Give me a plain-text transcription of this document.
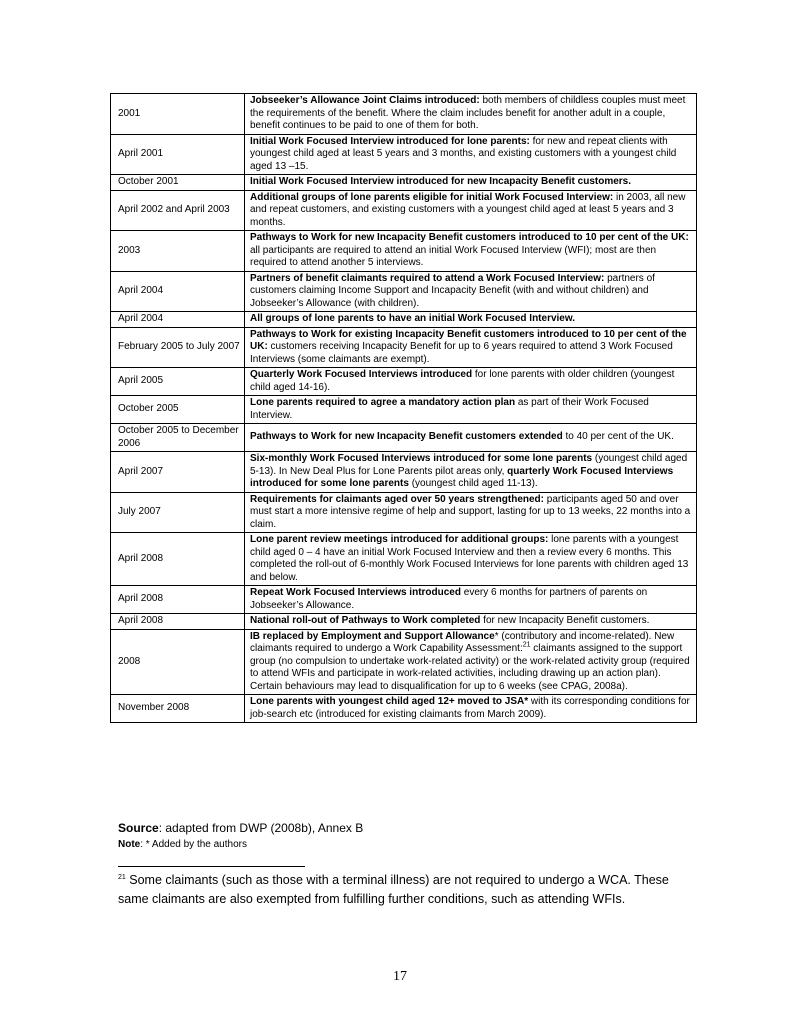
2001	Jobseeker’s Allowance Joint Claims introduced: both members of childless couples must meet the requirements of the benefit. Where the claim includes benefit for another adult in a couple, benefit continues to be paid to one of them for both.
April 2001	Initial Work Focused Interview introduced for lone parents: for new and repeat clients with youngest child aged at least 5 years and 3 months, and existing customers with a youngest child aged 13 –15.
October 2001	Initial Work Focused Interview introduced for new Incapacity Benefit customers.
April 2002 and April 2003	Additional groups of lone parents eligible for initial Work Focused Interview: in 2003, all new and repeat customers, and existing customers with a youngest child aged at least 5 years and 3 months.
2003	Pathways to Work for new Incapacity Benefit customers introduced to 10 per cent of the UK: all participants are required to attend an initial Work Focused Interview (WFI); most are then required to attend another 5 interviews.
April 2004	Partners of benefit claimants required to attend a Work Focused Interview: partners of customers claiming Income Support and Incapacity Benefit (with and without children) and Jobseeker’s Allowance (with children).
April 2004	All groups of lone parents to have an initial Work Focused Interview.
February 2005 to July 2007	Pathways to Work for existing Incapacity Benefit customers introduced to 10 per cent of the UK: customers receiving Incapacity Benefit for up to 6 years required to attend 3 Work Focused Interviews (some claimants are exempt).
April 2005	Quarterly Work Focused Interviews introduced for lone parents with older children (youngest child aged 14-16).
October 2005	Lone parents required to agree a mandatory action plan as part of their Work Focused Interview.
October 2005 to December 2006	Pathways to Work for new Incapacity Benefit customers extended to 40 per cent of the UK.
April 2007	Six-monthly Work Focused Interviews introduced for some lone parents (youngest child aged 5-13). In New Deal Plus for Lone Parents pilot areas only, quarterly Work Focused Interviews introduced for some lone parents (youngest child aged 11-13).
July 2007	Requirements for claimants aged over 50 years strengthened: participants aged 50 and over must start a more intensive regime of help and support, lasting for up to 13 weeks, 22 months into a claim.
April 2008	Lone parent review meetings introduced for additional groups: lone parents with a youngest child aged 0 – 4 have an initial Work Focused Interview and then a review every 6 months. This completed the roll-out of 6-monthly Work Focused Interviews for lone parents with children aged 13 and below.
April 2008	Repeat Work Focused Interviews introduced every 6 months for partners of parents on Jobseeker’s Allowance.
April 2008	National roll-out of Pathways to Work completed for new Incapacity Benefit customers.
2008	IB replaced by Employment and Support Allowance* (contributory and income-related). New claimants required to undergo a Work Capability Assessment:$^{21}$ claimants assigned to the support group (no compulsion to undertake work-related activity) or the work-related activity group (required to attend WFIs and participate in work-related activities, including drawing up an action plan). Certain behaviours may lead to disqualification for up to 6 weeks (see CPAG, 2008a).
November 2008	Lone parents with youngest child aged 12+ moved to JSA* with its corresponding conditions for job-search etc (introduced for existing claimants from March 2009).
Source: adapted from DWP (2008b), Annex B
Note: * Added by the authors
$^{21}$ Some claimants (such as those with a terminal illness) are not required to undergo a WCA. These same claimants are also exempted from fulfilling further conditions, such as attending WFIs.
17
